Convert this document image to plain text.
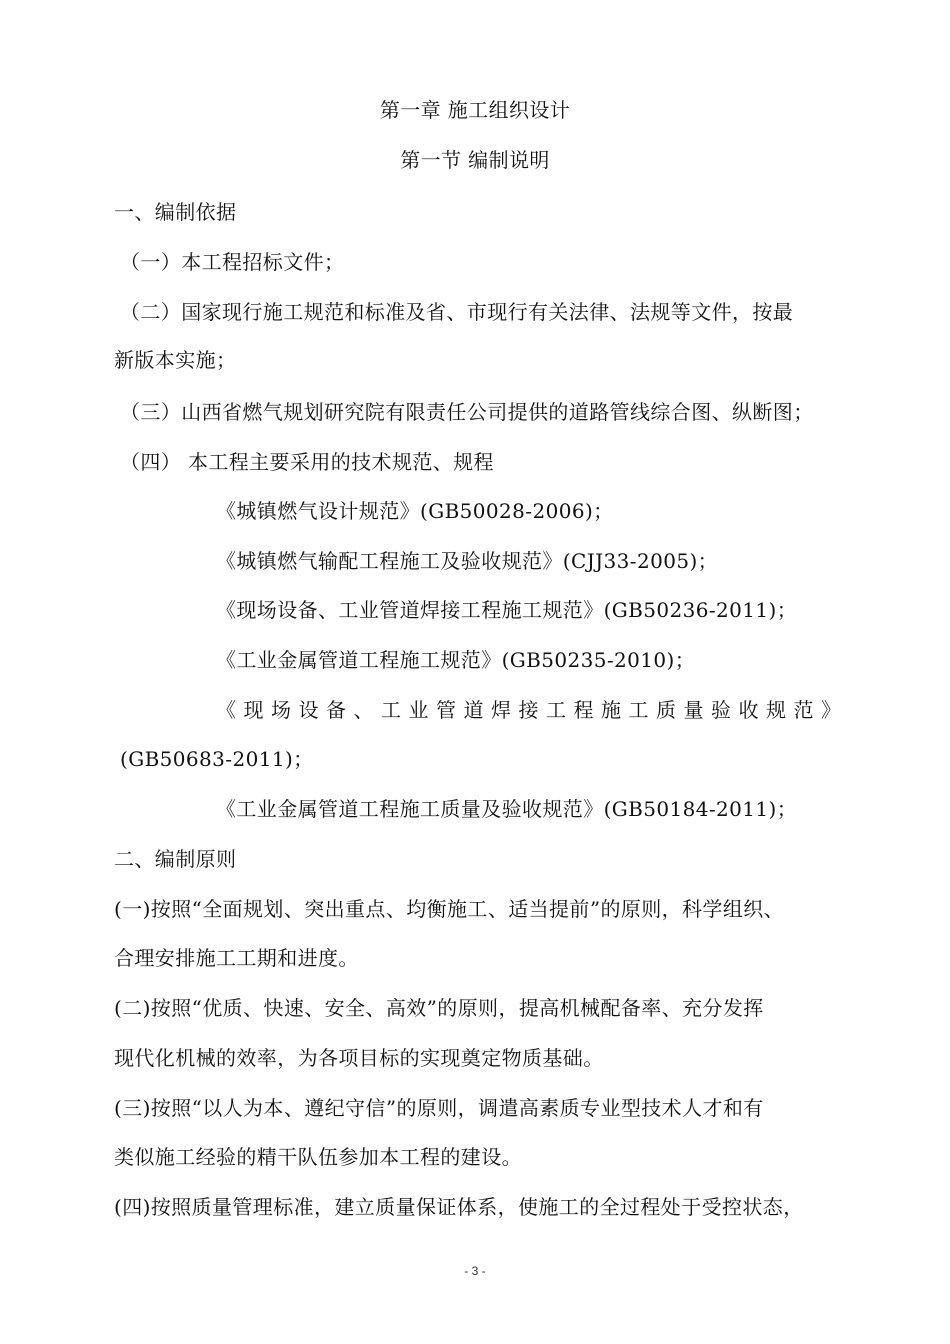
第一章 施工组织设计
第一节 编制说明
一、编制依据
（一）本工程招标文件；
（二）国家现行施工规范和标准及省、市现行有关法律、法规等文件，按最
新版本实施；
（三）山西省燃气规划研究院有限责任公司提供的道路管线综合图、纵断图；
（四） 本工程主要采用的技术规范、规程
《城镇燃气设计规范》(GB50028-2006)；
《城镇燃气输配工程施工及验收规范》(CJJ33-2005)；
《现场设备、工业管道焊接工程施工规范》(GB50236-2011)；
《工业金属管道工程施工规范》(GB50235-2010)；
《现场设备、工业管道焊接工程施工质量验收规范》
(GB50683-2011)；
《工业金属管道工程施工质量及验收规范》(GB50184-2011)；
二、编制原则
(一)按照“全面规划、突出重点、均衡施工、适当提前”的原则，科学组织、
合理安排施工工期和进度。
(二)按照“优质、快速、安全、高效”的原则，提高机械配备率、充分发挥
现代化机械的效率，为各项目标的实现奠定物质基础。
(三)按照“以人为本、遵纪守信”的原则，调遣高素质专业型技术人才和有
类似施工经验的精干队伍参加本工程的建设。
(四)按照质量管理标准，建立质量保证体系，使施工的全过程处于受控状态，
- 3 -
